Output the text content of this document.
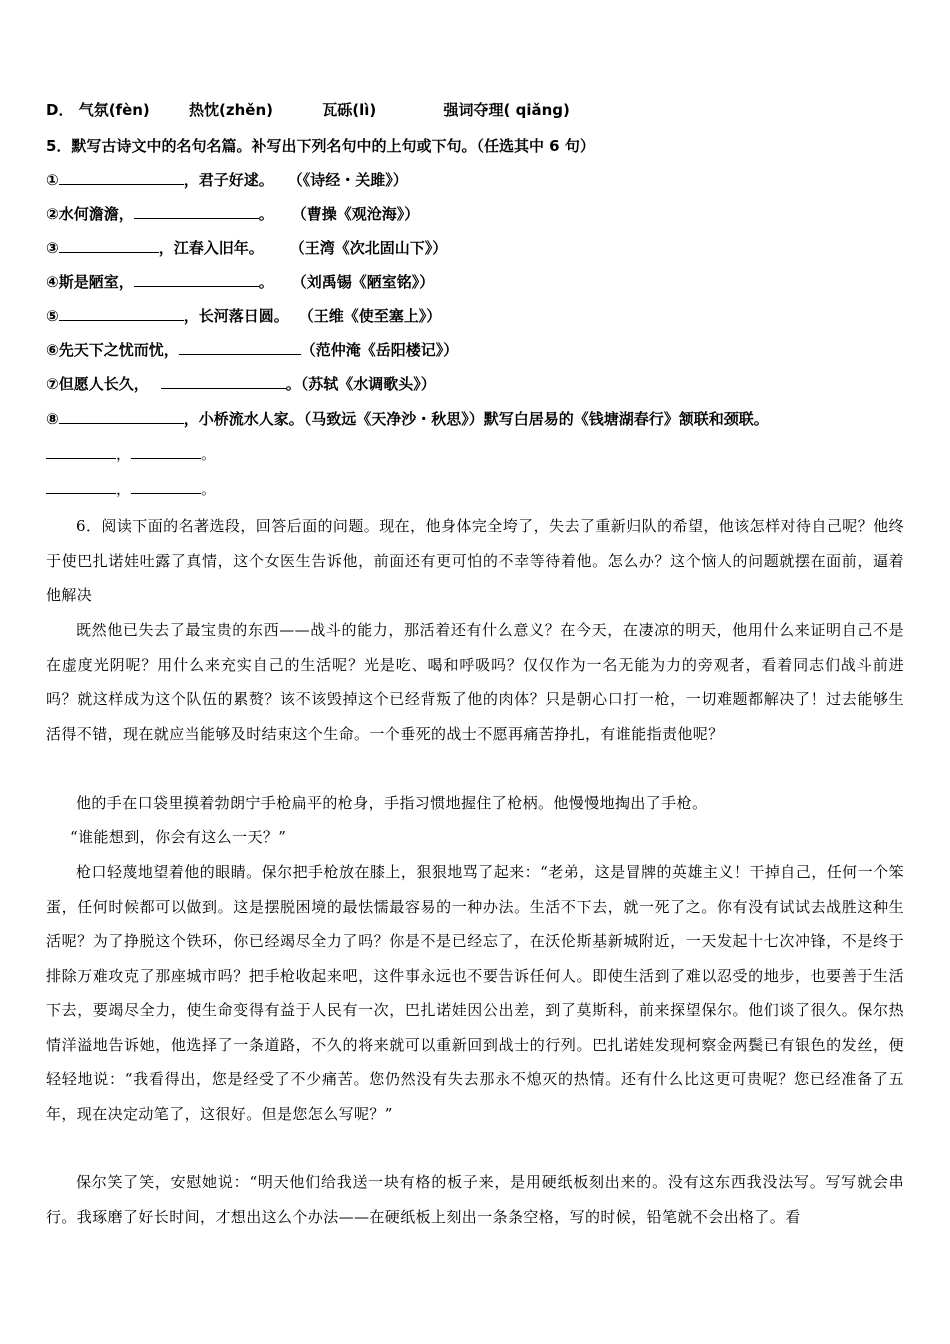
D． 气氛(fèn)	热忱(zhěn)	瓦砾(lì)	强词夺理( qiǎng)
5．默写古诗文中的名句名篇。补写出下列名句中的上句或下句。（任选其中 6 句）
①	，君子好逑。 （《诗经・关雎》）
②水何澹澹，	。 （曹操《观沧海》）
③	，江春入旧年。 （王湾《次北固山下》）
④斯是陋室，	。 （刘禹锡《陋室铭》）
⑤	，长河落日圆。 （王维《使至塞上》）
⑥先天下之忧而忧，	（范仲淹《岳阳楼记》）
⑦但愿人长久，	。（苏轼《水调歌头》）
⑧	，小桥流水人家。（马致远《天净沙・秋思》）默写白居易的《钱塘湖春行》颔联和颈联。
，	。
，	。
6．阅读下面的名著选段，回答后面的问题。现在，他身体完全垮了，失去了重新归队的希望，他该怎样对待自己呢？他终于使巴扎诺娃吐露了真情，这个女医生告诉他，前面还有更可怕的不幸等待着他。怎么办？这个恼人的问题就摆在面前，逼着他解决
既然他已失去了最宝贵的东西——战斗的能力，那活着还有什么意义？在今天，在凄凉的明天，他用什么来证明自己不是在虚度光阴呢？用什么来充实自己的生活呢？光是吃、喝和呼吸吗？仅仅作为一名无能为力的旁观者，看着同志们战斗前进吗？就这样成为这个队伍的累赘？该不该毁掉这个已经背叛了他的肉体？只是朝心口打一枪，一切难题都解决了！过去能够生活得不错，现在就应当能够及时结束这个生命。一个垂死的战士不愿再痛苦挣扎，有谁能指责他呢？
他的手在口袋里摸着勃朗宁手枪扁平的枪身，手指习惯地握住了枪柄。他慢慢地掏出了手枪。
“谁能想到，你会有这么一天？”
枪口轻蔑地望着他的眼睛。保尔把手枪放在膝上，狠狠地骂了起来：“老弟，这是冒牌的英雄主义！干掉自己，任何一个笨蛋，任何时候都可以做到。这是摆脱困境的最怯懦最容易的一种办法。生活不下去，就一死了之。你有没有试试去战胜这种生活呢？为了挣脱这个铁环，你已经竭尽全力了吗？你是不是已经忘了，在沃伦斯基新城附近，一天发起十七次冲锋，不是终于排除万难攻克了那座城市吗？把手枪收起来吧，这件事永远也不要告诉任何人。即使生活到了难以忍受的地步，也要善于生活下去，要竭尽全力，使生命变得有益于人民有一次，巴扎诺娃因公出差，到了莫斯科，前来探望保尔。他们谈了很久。保尔热情洋溢地告诉她，他选择了一条道路，不久的将来就可以重新回到战士的行列。巴扎诺娃发现柯察金两鬓已有银色的发丝，便轻轻地说：“我看得出，您是经受了不少痛苦。您仍然没有失去那永不熄灭的热情。还有什么比这更可贵呢？您已经准备了五年，现在决定动笔了，这很好。但是您怎么写呢？”
保尔笑了笑，安慰她说：“明天他们给我送一块有格的板子来，是用硬纸板刻出来的。没有这东西我没法写。写写就会串行。我琢磨了好长时间，才想出这么个办法——在硬纸板上刻出一条条空格，写的时候，铅笔就不会出格了。看
